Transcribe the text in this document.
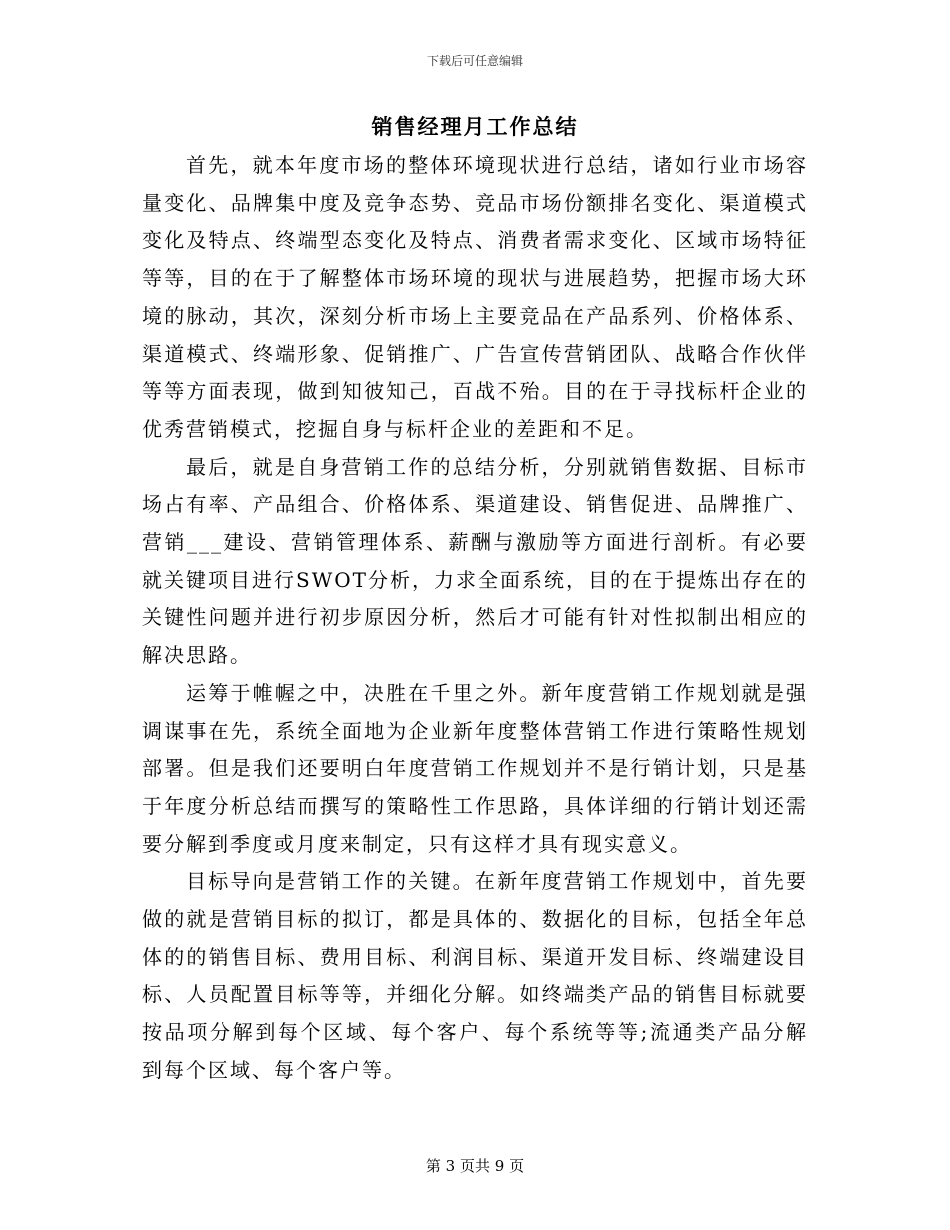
下载后可任意编辑
销售经理月工作总结

首先，就本年度市场的整体环境现状进行总结，诸如行业市场容量变化、品牌集中度及竞争态势、竞品市场份额排名变化、渠道模式变化及特点、终端型态变化及特点、消费者需求变化、区域市场特征等等，目的在于了解整体市场环境的现状与进展趋势，把握市场大环境的脉动，其次，深刻分析市场上主要竞品在产品系列、价格体系、渠道模式、终端形象、促销推广、广告宣传营销团队、战略合作伙伴等等方面表现，做到知彼知己，百战不殆。目的在于寻找标杆企业的优秀营销模式，挖掘自身与标杆企业的差距和不足。

最后，就是自身营销工作的总结分析，分别就销售数据、目标市场占有率、产品组合、价格体系、渠道建设、销售促进、品牌推广、营销___建设、营销管理体系、薪酬与激励等方面进行剖析。有必要就关键项目进行SWOT分析，力求全面系统，目的在于提炼出存在的关键性问题并进行初步原因分析，然后才可能有针对性拟制出相应的解决思路。

运筹于帷幄之中，决胜在千里之外。新年度营销工作规划就是强调谋事在先，系统全面地为企业新年度整体营销工作进行策略性规划部署。但是我们还要明白年度营销工作规划并不是行销计划，只是基于年度分析总结而撰写的策略性工作思路，具体详细的行销计划还需要分解到季度或月度来制定，只有这样才具有现实意义。

目标导向是营销工作的关键。在新年度营销工作规划中，首先要做的就是营销目标的拟订，都是具体的、数据化的目标，包括全年总体的的销售目标、费用目标、利润目标、渠道开发目标、终端建设目标、人员配置目标等等，并细化分解。如终端类产品的销售目标就要按品项分解到每个区域、每个客户、每个系统等等;流通类产品分解到每个区域、每个客户等。

第 3 页共 9 页
